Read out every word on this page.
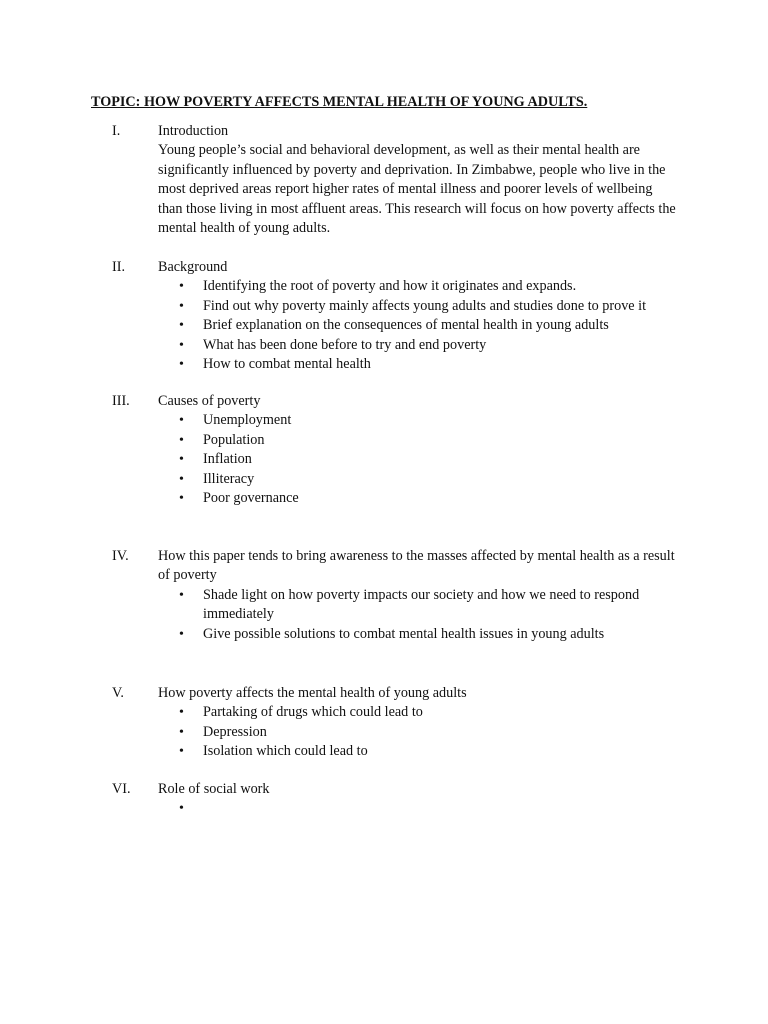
TOPIC: HOW POVERTY AFFECTS MENTAL HEALTH OF YOUNG ADULTS.
I.	Introduction
Young people’s social and behavioral development, as well as their mental health are significantly influenced by poverty and deprivation. In Zimbabwe, people who live in the most deprived areas report higher rates of mental illness and poorer levels of wellbeing than those living in most affluent areas. This research will focus on how poverty affects the mental health of young adults.
II. Background
• Identifying the root of poverty and how it originates and expands.
• Find out why poverty mainly affects young adults and studies done to prove it
• Brief explanation on the consequences of mental health in young adults
• What has been done before to try and end poverty
• How to combat mental health
III. Causes of poverty
• Unemployment
• Population
• Inflation
• Illiteracy
• Poor governance
IV. How this paper tends to bring awareness to the masses affected by mental health as a result of poverty
• Shade light on how poverty impacts our society and how we need to respond immediately
• Give possible solutions to combat mental health issues in young adults
V. How poverty affects the mental health of young adults
• Partaking of drugs which could lead to
• Depression
• Isolation which could lead to
VI. Role of social work
•
